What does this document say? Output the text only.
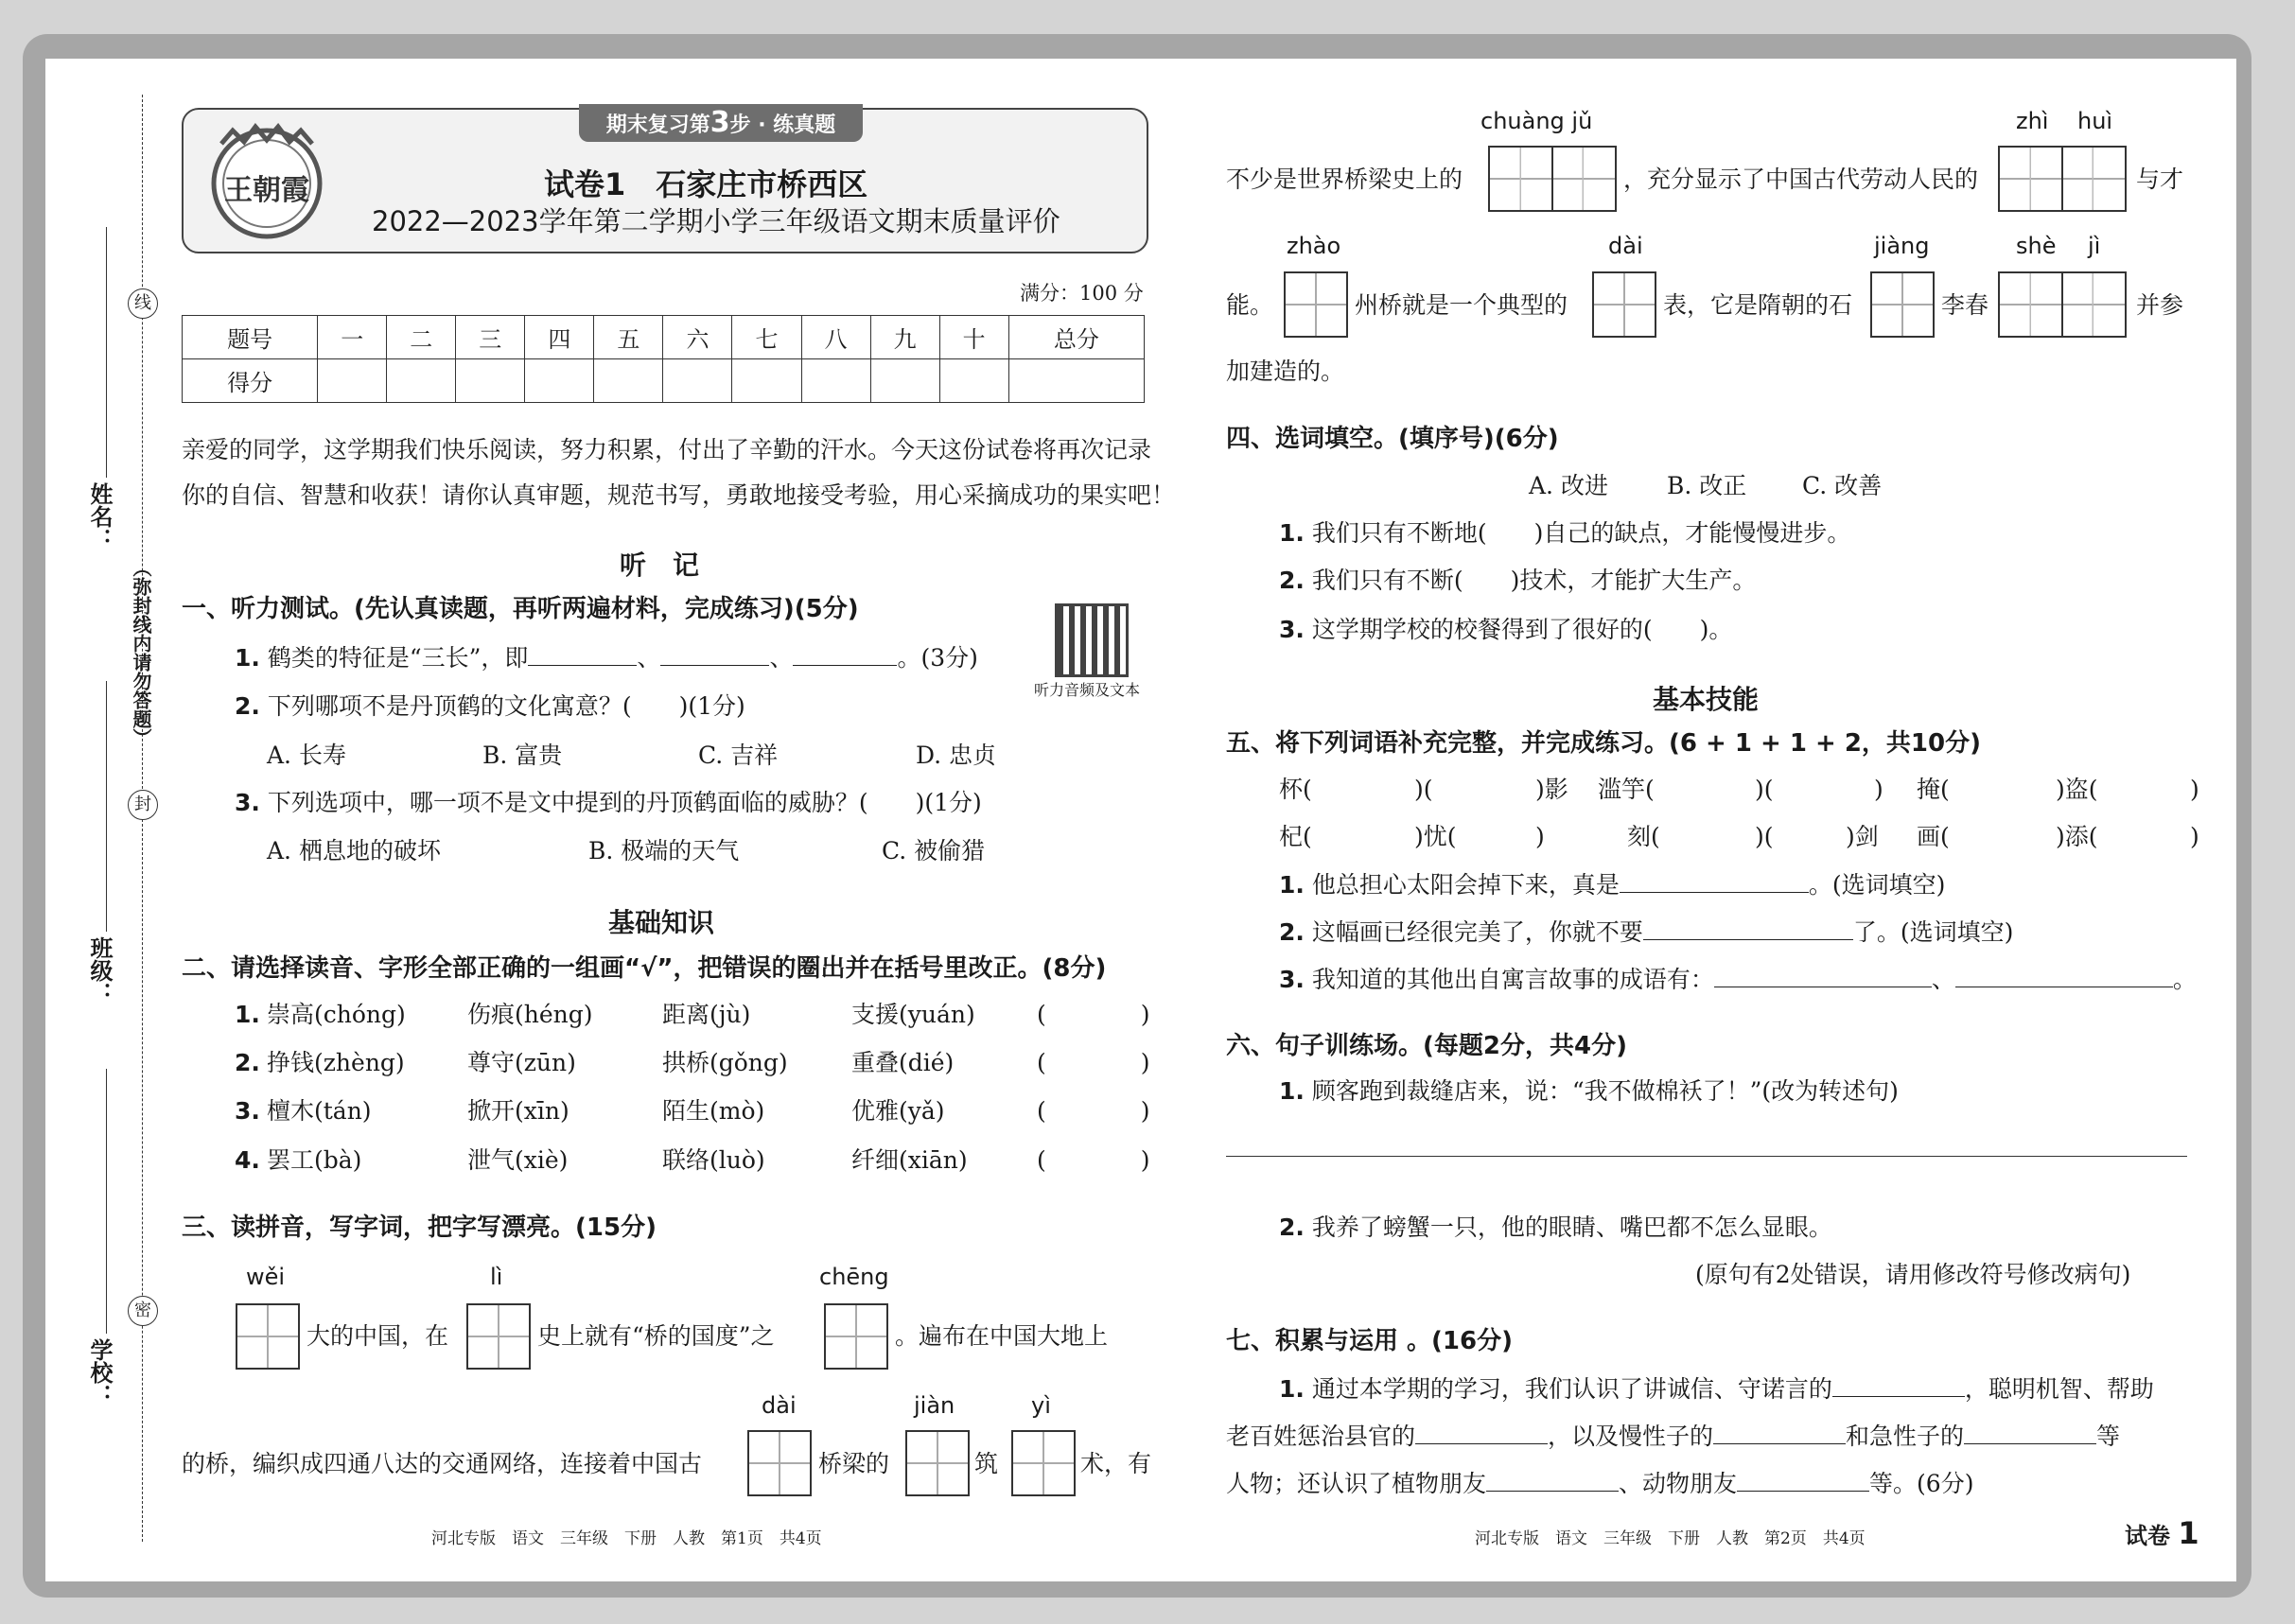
线
封
密
（弥封线内请勿答题）
姓名：
班级：
学校：
期末复习第3步 · 练真题
王朝霞	试卷1　石家庄市桥西区
2022—2023学年第二学期小学三年级语文期末质量评价
满分：100 分
题号	一	二	三	四	五	六	七	八	九	十	总分
得分											
亲爱的同学，这学期我们快乐阅读，努力积累，付出了辛勤的汗水。今天这份试卷将再次记录
你的自信、智慧和收获！请你认真审题，规范书写，勇敢地接受考验，用心采摘成功的果实吧！
听　记
一、听力测试。(先认真读题，再听两遍材料，完成练习)(5分)
听力音频及文本
1. 鹤类的特征是“三长”，即	、	、	。(3分)
2. 下列哪项不是丹顶鹤的文化寓意？(　　)(1分)
A. 长寿	B. 富贵	C. 吉祥	D. 忠贞
3. 下列选项中，哪一项不是文中提到的丹顶鹤面临的威胁？(　　)(1分)
A. 栖息地的破坏	B. 极端的天气	C. 被偷猎
基础知识
二、请选择读音、字形全部正确的一组画“√”，把错误的圈出并在括号里改正。(8分)
1. 崇高(chóng)	伤痕(héng)	距离(jù)	支援(yuán)	(　　　　)
2. 挣钱(zhèng)	尊守(zūn)	拱桥(gǒng)	重叠(dié)	(　　　　)
3. 檀木(tán)	掀开(xīn)	陌生(mò)	优雅(yǎ)	(　　　　)
4. 罢工(bà)	泄气(xiè)	联络(luò)	纤细(xiān)	(　　　　)
三、读拼音，写字词，把字写漂亮。(15分)
wěi	lì	chēng
大的中国，在	史上就有“桥的国度”之	。遍布在中国大地上
dài	jiàn	yì
的桥，编织成四通八达的交通网络，连接着中国古	桥梁的	筑	术，有
河北专版　语文　三年级　下册　人教　第1页　共4页
chuàng jǔ	zhì huì
不少是世界桥梁史上的	，充分显示了中国古代劳动人民的	与才
zhào	dài	jiàng	shè jì
能。	州桥就是一个典型的	表，它是隋朝的石	李春	并参
加建造的。
四、选词填空。(填序号)(6分)
A. 改进 B. 改正 C. 改善
1. 我们只有不断地(　　)自己的缺点，才能慢慢进步。
2. 我们只有不断(　　)技术，才能扩大生产。
3. 这学期学校的校餐得到了很好的(　　)。
基本技能
五、将下列词语补充完整，并完成练习。(6 + 1 + 1 + 2，共10分)
杯(	　)(	　)影 滥竽(	　)(	　) 掩(	　)盗(	　)
杞(	　)忧( 　)	刻(	　)( 　)剑 画(	　)添(	　)
1. 他总担心太阳会掉下来，真是	。(选词填空)
2. 这幅画已经很完美了，你就不要	了。(选词填空)
3. 我知道的其他出自寓言故事的成语有：	、	。
六、句子训练场。(每题2分，共4分)
1. 顾客跑到裁缝店来，说：“我不做棉袄了！”(改为转述句)
2. 我养了螃蟹一只，他的眼睛、嘴巴都不怎么显眼。
(原句有2处错误，请用修改符号修改病句)
七、积累与运用 。(16分)
1. 通过本学期的学习，我们认识了讲诚信、守诺言的	，聪明机智、帮助
老百姓惩治县官的	，以及慢性子的	和急性子的	等
人物；还认识了植物朋友	、动物朋友	等。(6分)
河北专版　语文　三年级　下册　人教　第2页　共4页	试卷 1
